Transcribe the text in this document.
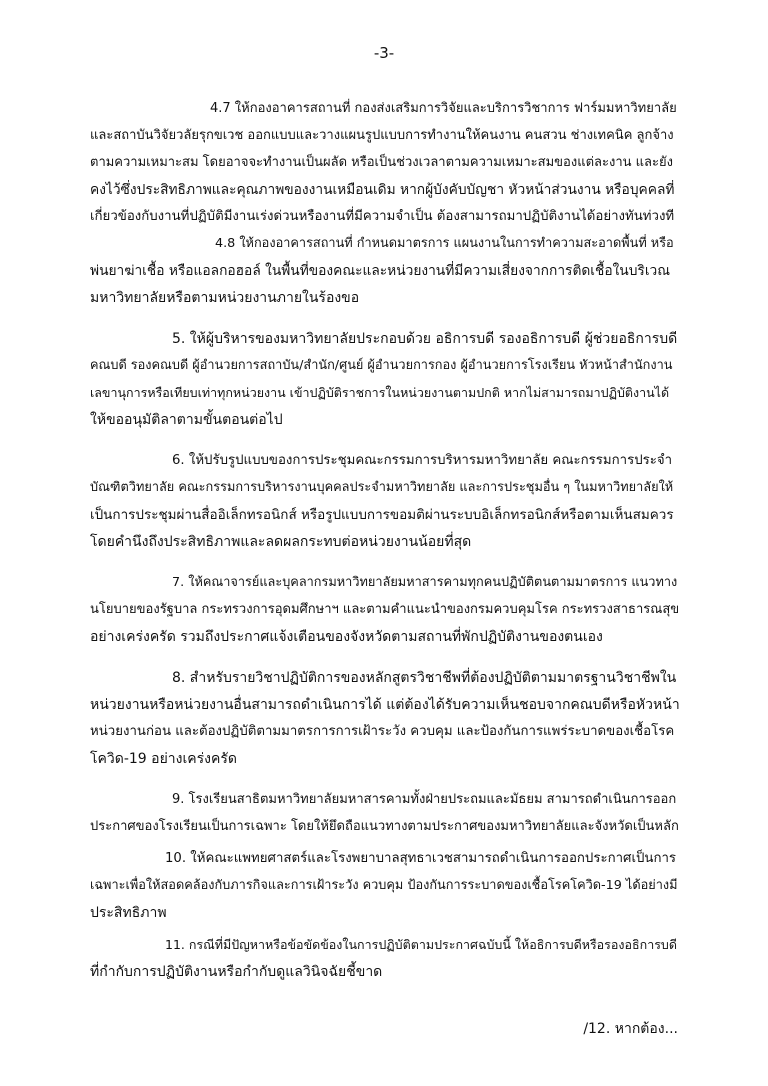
-3-
4.7 ให้กองอาคารสถานที่ กองส่งเสริมการวิจัยและบริการวิชาการ ฟาร์มมหาวิทยาลัย
และสถาบันวิจัยวลัยรุกขเวช ออกแบบและวางแผนรูปแบบการทำงานให้คนงาน คนสวน ช่างเทคนิค ลูกจ้าง
ตามความเหมาะสม โดยอาจจะทำงานเป็นผลัด หรือเป็นช่วงเวลาตามความเหมาะสมของแต่ละงาน และยัง
คงไว้ซึ่งประสิทธิภาพและคุณภาพของงานเหมือนเดิม หากผู้บังคับบัญชา หัวหน้าส่วนงาน หรือบุคคลที่
เกี่ยวข้องกับงานที่ปฏิบัติมีงานเร่งด่วนหรืองานที่มีความจำเป็น ต้องสามารถมาปฏิบัติงานได้อย่างทันท่วงที
4.8 ให้กองอาคารสถานที่ กำหนดมาตรการ แผนงานในการทำความสะอาดพื้นที่ หรือ
พ่นยาฆ่าเชื้อ หรือแอลกอฮอล์ ในพื้นที่ของคณะและหน่วยงานที่มีความเสี่ยงจากการติดเชื้อในบริเวณ
มหาวิทยาลัยหรือตามหน่วยงานภายในร้องขอ
5. ให้ผู้บริหารของมหาวิทยาลัยประกอบด้วย อธิการบดี รองอธิการบดี ผู้ช่วยอธิการบดี
คณบดี รองคณบดี ผู้อำนวยการสถาบัน/สำนัก/ศูนย์ ผู้อำนวยการกอง ผู้อำนวยการโรงเรียน หัวหน้าสำนักงาน
เลขานุการหรือเทียบเท่าทุกหน่วยงาน เข้าปฏิบัติราชการในหน่วยงานตามปกติ หากไม่สามารถมาปฏิบัติงานได้
ให้ขออนุมัติลาตามขั้นตอนต่อไป
6. ให้ปรับรูปแบบของการประชุมคณะกรรมการบริหารมหาวิทยาลัย คณะกรรมการประจำ
บัณฑิตวิทยาลัย คณะกรรมการบริหารงานบุคคลประจำมหาวิทยาลัย และการประชุมอื่น ๆ ในมหาวิทยาลัยให้
เป็นการประชุมผ่านสื่ออิเล็กทรอนิกส์ หรือรูปแบบการขอมติผ่านระบบอิเล็กทรอนิกส์หรือตามเห็นสมควร
โดยคำนึงถึงประสิทธิภาพและลดผลกระทบต่อหน่วยงานน้อยที่สุด
7. ให้คณาจารย์และบุคลากรมหาวิทยาลัยมหาสารคามทุกคนปฏิบัติตนตามมาตรการ แนวทาง
นโยบายของรัฐบาล กระทรวงการอุดมศึกษาฯ และตามคำแนะนำของกรมควบคุมโรค กระทรวงสาธารณสุข
อย่างเคร่งครัด รวมถึงประกาศแจ้งเตือนของจังหวัดตามสถานที่พักปฏิบัติงานของตนเอง
8. สำหรับรายวิชาปฏิบัติการของหลักสูตรวิชาชีพที่ต้องปฏิบัติตามมาตรฐานวิชาชีพใน
หน่วยงานหรือหน่วยงานอื่นสามารถดำเนินการได้ แต่ต้องได้รับความเห็นชอบจากคณบดีหรือหัวหน้า
หน่วยงานก่อน และต้องปฏิบัติตามมาตรการการเฝ้าระวัง ควบคุม และป้องกันการแพร่ระบาดของเชื้อโรค
โควิด-19 อย่างเคร่งครัด
9. โรงเรียนสาธิตมหาวิทยาลัยมหาสารคามทั้งฝ่ายประถมและมัธยม สามารถดำเนินการออก
ประกาศของโรงเรียนเป็นการเฉพาะ โดยให้ยึดถือแนวทางตามประกาศของมหาวิทยาลัยและจังหวัดเป็นหลัก
10. ให้คณะแพทยศาสตร์และโรงพยาบาลสุทธาเวชสามารถดำเนินการออกประกาศเป็นการ
เฉพาะเพื่อให้สอดคล้องกับภารกิจและการเฝ้าระวัง ควบคุม ป้องกันการระบาดของเชื้อโรคโควิด-19 ได้อย่างมี
ประสิทธิภาพ
11. กรณีที่มีปัญหาหรือข้อขัดข้องในการปฏิบัติตามประกาศฉบับนี้ ให้อธิการบดีหรือรองอธิการบดี
ที่กำกับการปฏิบัติงานหรือกำกับดูแลวินิจฉัยชี้ขาด
/12. หากต้อง...
